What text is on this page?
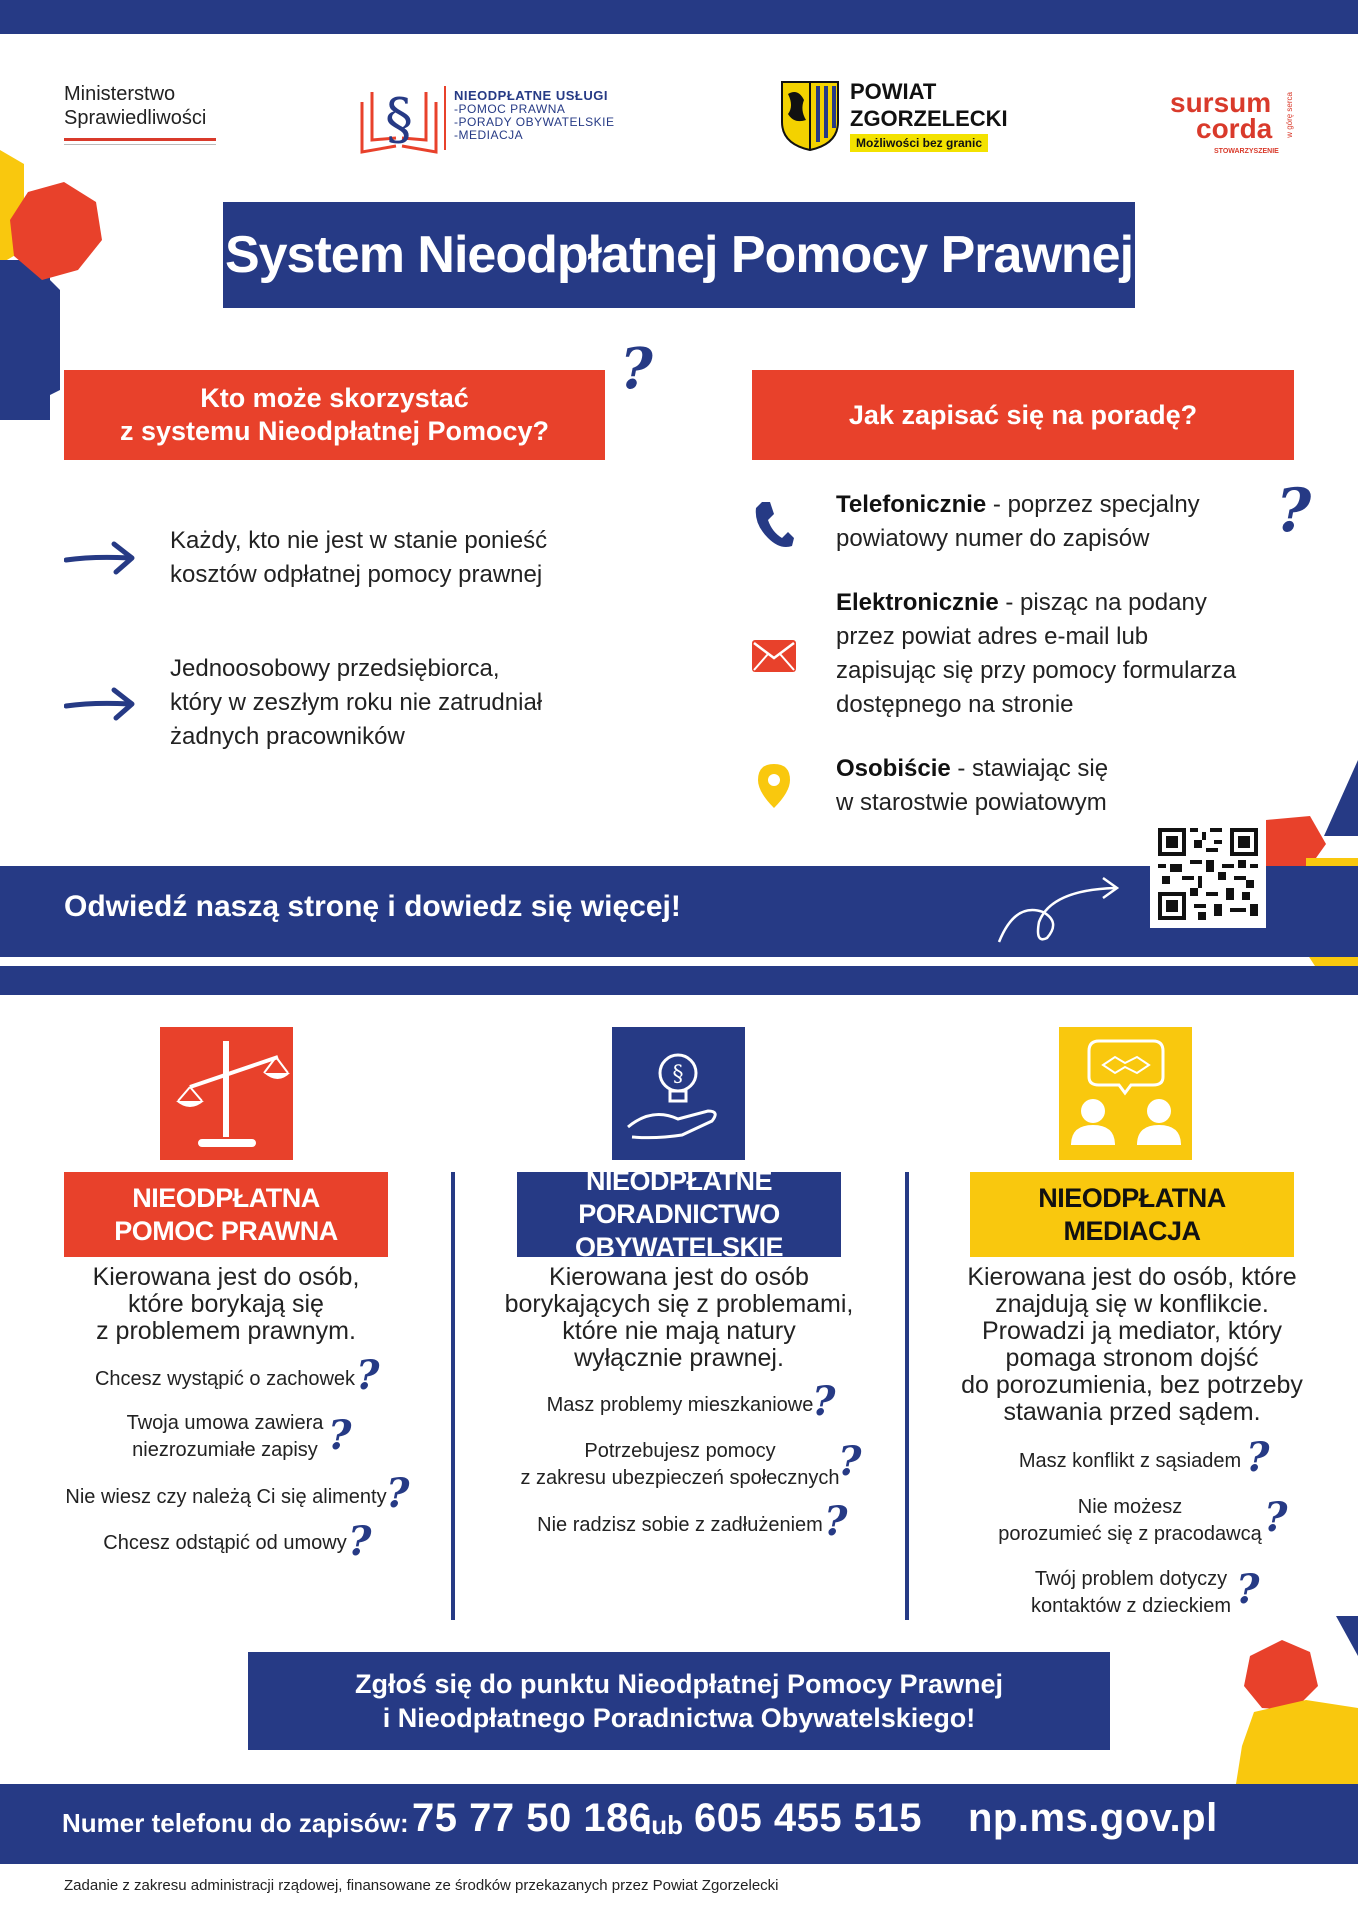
Ministerstwo
Sprawiedliwości	§	NIEODPŁATNE USŁUGI
-POMOC PRAWNA
-PORADY OBYWATELSKIE
-MEDIACJA
POWIAT
ZGORZELECKI
Możliwości bez granic
sursum
corda w górę serca
STOWARZYSZENIE
System Nieodpłatnej Pomocy Prawnej
Kto może skorzystać
z systemu Nieodpłatnej Pomocy?
?
Jak zapisać się na poradę?
Każdy, kto nie jest w stanie ponieść
kosztów odpłatnej pomocy prawnej
Jednoosobowy przedsiębiorca,
który w zeszłym roku nie zatrudniał
żadnych pracowników
Telefonicznie - poprzez specjalny
powiatowy numer do zapisów	?
Elektronicznie - pisząc na podany
przez powiat adres e-mail lub
zapisując się przy pomocy formularza
dostępnego na stronie
Osobiście - stawiając się
w starostwie powiatowym
Odwiedź naszą stronę i dowiedz się więcej!
§
NIEODPŁATNA
POMOC PRAWNA
NIEODPŁATNE
PORADNICTWO OBYWATELSKIE
NIEODPŁATNA
MEDIACJA
Kierowana jest do osób,
które borykają się
z problemem prawnym.
Chcesz wystąpić o zachowek ?
Twoja umowa zawiera
niezrozumiałe zapisy ?
Nie wiesz czy należą Ci się alimenty ?
Chcesz odstąpić od umowy ?
Kierowana jest do osób
borykających się z problemami,
które nie mają natury
wyłącznie prawnej.
Masz problemy mieszkaniowe
?
Potrzebujesz pomocy
z zakresu ubezpieczeń społecznych
?
Nie radzisz sobie z zadłużeniem ?
Kierowana jest do osób, które
znajdują się w konflikcie.
Prowadzi ją mediator, który
pomaga stronom dojść
do porozumienia, bez potrzeby
stawania przed sądem.
Masz konflikt z sąsiadem ?
Nie możesz
porozumieć się z pracodawcą ?
Twój problem dotyczy
kontaktów z dzieckiem ?
Zgłoś się do punktu Nieodpłatnej Pomocy Prawnej
i Nieodpłatnego Poradnictwa Obywatelskiego!
Numer telefonu do zapisów: 75 77 50 186
lub 605 455 515 np.ms.gov.pl
Zadanie z zakresu administracji rządowej, finansowane ze środków przekazanych przez Powiat Zgorzelecki
